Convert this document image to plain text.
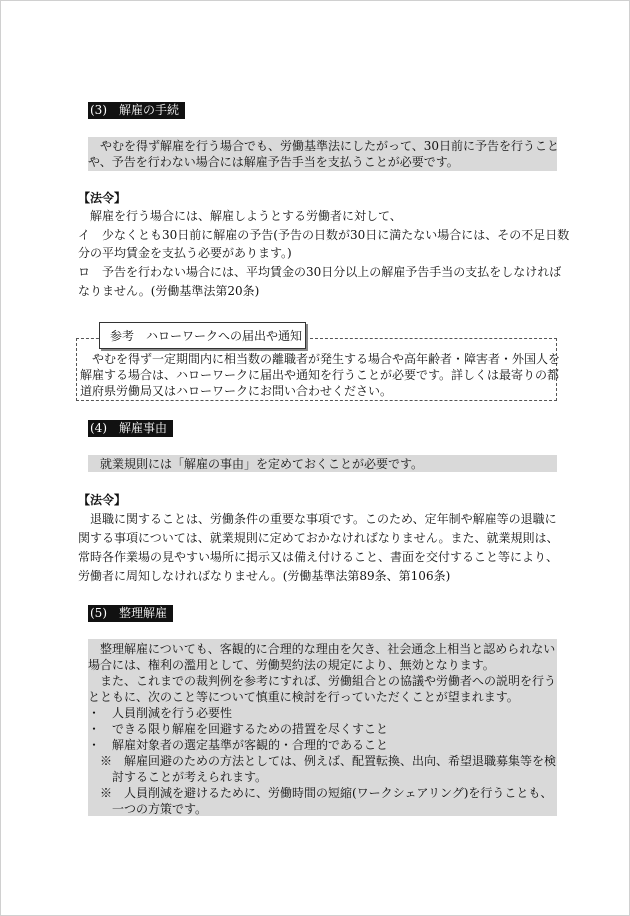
(3)　解雇の手続
　やむを得ず解雇を行う場合でも、労働基準法にしたがって、30日前に予告を行うこと
や、予告を行わない場合には解雇予告手当を支払うことが必要です。
【法令】
　解雇を行う場合には、解雇しようとする労働者に対して、
イ　少なくとも30日前に解雇の予告(予告の日数が30日に満たない場合には、その不足日数
分の平均賃金を支払う必要があります。)
ロ　予告を行わない場合には、平均賃金の30日分以上の解雇予告手当の支払をしなければ
なりません。(労働基準法第20条)
参考　ハローワークへの届出や通知
　やむを得ず一定期間内に相当数の離職者が発生する場合や高年齢者・障害者・外国人を
解雇する場合は、ハローワークに届出や通知を行うことが必要です。詳しくは最寄りの都
道府県労働局又はハローワークにお問い合わせください。
(4)　解雇事由
　就業規則には「解雇の事由」を定めておくことが必要です。
【法令】
　退職に関することは、労働条件の重要な事項です。このため、定年制や解雇等の退職に
関する事項については、就業規則に定めておかなければなりません。また、就業規則は、
常時各作業場の見やすい場所に掲示又は備え付けること、書面を交付すること等により、
労働者に周知しなければなりません。(労働基準法第89条、第106条)
(5)　整理解雇
　整理解雇についても、客観的に合理的な理由を欠き、社会通念上相当と認められない
場合には、権利の濫用として、労働契約法の規定により、無効となります。
　また、これまでの裁判例を参考にすれば、労働組合との協議や労働者への説明を行う
とともに、次のこと等について慎重に検討を行っていただくことが望まれます。
・　人員削減を行う必要性
・　できる限り解雇を回避するための措置を尽くすこと
・　解雇対象者の選定基準が客観的・合理的であること
　※　解雇回避のための方法としては、例えば、配置転換、出向、希望退職募集等を検
　　討することが考えられます。
　※　人員削減を避けるために、労働時間の短縮(ワークシェアリング)を行うことも、
　　一つの方策です。
